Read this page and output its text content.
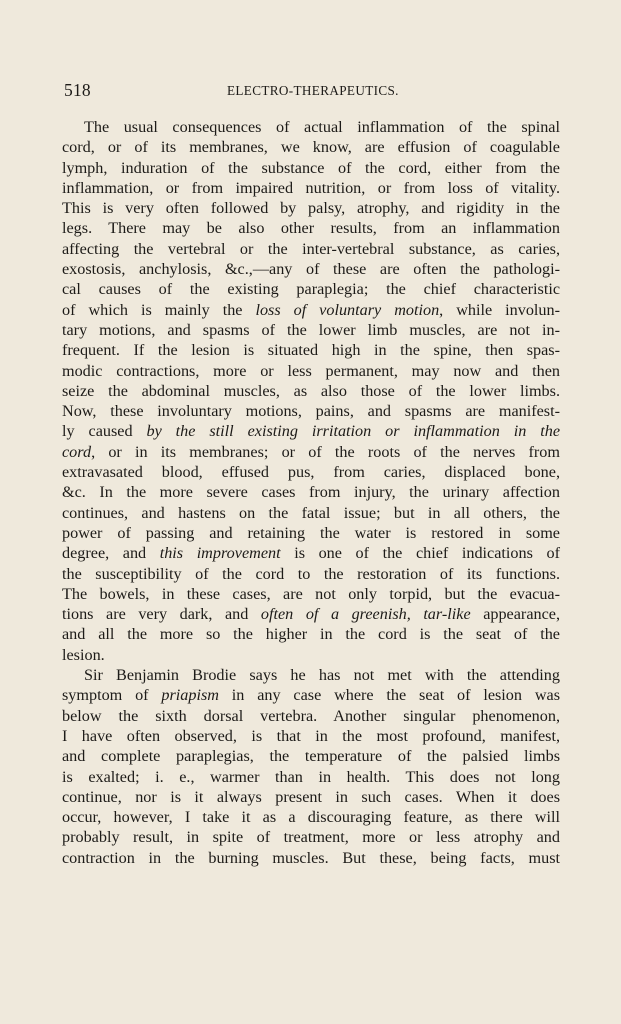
518	ELECTRO-THERAPEUTICS.
The usual consequences of actual inflammation of the spinal
cord, or of its membranes, we know, are effusion of coagulable
lymph, induration of the substance of the cord, either from the
inflammation, or from impaired nutrition, or from loss of vitality.
This is very often followed by palsy, atrophy, and rigidity in the
legs. There may be also other results, from an inflammation
affecting the vertebral or the inter-vertebral substance, as caries,
exostosis, anchylosis, &c.,—any of these are often the pathologi-
cal causes of the existing paraplegia; the chief characteristic
of which is mainly the loss of voluntary motion, while involun-
tary motions, and spasms of the lower limb muscles, are not in-
frequent. If the lesion is situated high in the spine, then spas-
modic contractions, more or less permanent, may now and then
seize the abdominal muscles, as also those of the lower limbs.
Now, these involuntary motions, pains, and spasms are manifest-
ly caused by the still existing irritation or inflammation in the
cord, or in its membranes; or of the roots of the nerves from
extravasated blood, effused pus, from caries, displaced bone,
&c. In the more severe cases from injury, the urinary affection
continues, and hastens on the fatal issue; but in all others, the
power of passing and retaining the water is restored in some
degree, and this improvement is one of the chief indications of
the susceptibility of the cord to the restoration of its functions.
The bowels, in these cases, are not only torpid, but the evacua-
tions are very dark, and often of a greenish, tar-like appearance,
and all the more so the higher in the cord is the seat of the
lesion.
Sir Benjamin Brodie says he has not met with the attending
symptom of priapism in any case where the seat of lesion was
below the sixth dorsal vertebra. Another singular phenomenon,
I have often observed, is that in the most profound, manifest,
and complete paraplegias, the temperature of the palsied limbs
is exalted; i. e., warmer than in health. This does not long
continue, nor is it always present in such cases. When it does
occur, however, I take it as a discouraging feature, as there will
probably result, in spite of treatment, more or less atrophy and
contraction in the burning muscles. But these, being facts, must
